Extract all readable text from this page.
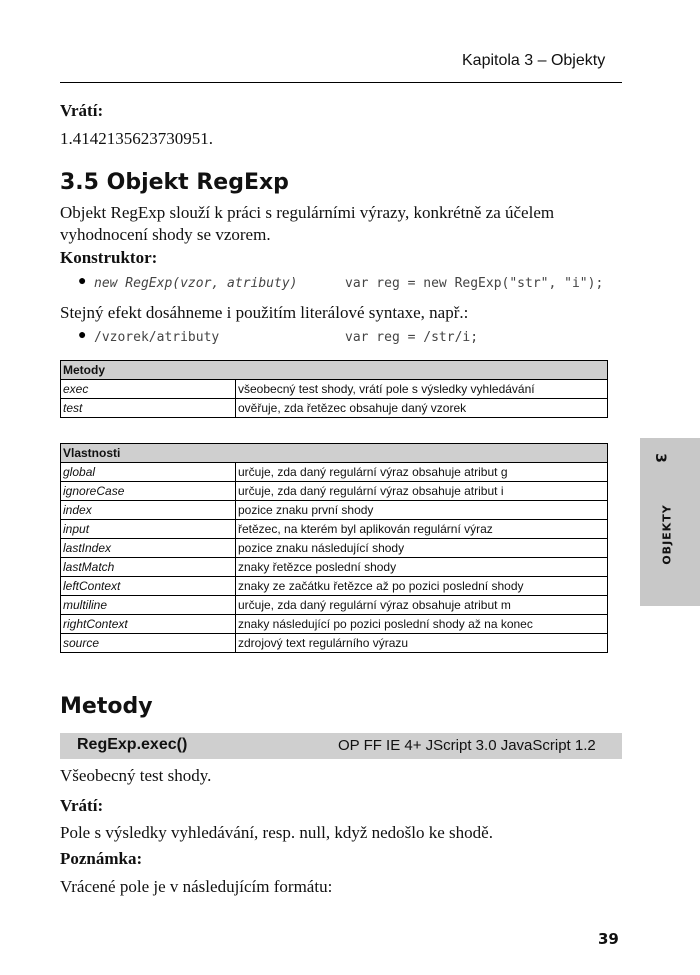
Kapitola 3 – Objekty
Vrátí:
1.4142135623730951.
3.5 Objekt RegExp
Objekt RegExp slouží k práci s regulárními výrazy, konkrétně za účelem
vyhodnocení shody se vzorem.
Konstruktor:
● new RegExp(vzor, atributy)	var reg = new RegExp("str", "i");
Stejný efekt dosáhneme i použitím literálové syntaxe, např.:
● /vzorek/atributy	var reg = /str/i;
Metody	
exec	všeobecný test shody, vrátí pole s výsledky vyhledávání
test	ověřuje, zda řetězec obsahuje daný vzorek
Vlastnosti	
global	určuje, zda daný regulární výraz obsahuje atribut g
ignoreCase	určuje, zda daný regulární výraz obsahuje atribut i
index	pozice znaku první shody
input	řetězec, na kterém byl aplikován regulární výraz
lastIndex	pozice znaku následující shody
lastMatch	znaky řetězce poslední shody
leftContext	znaky ze začátku řetězce až po pozici poslední shody
multiline	určuje, zda daný regulární výraz obsahuje atribut m
rightContext	znaky následující po pozici poslední shody až na konec
source	zdrojový text regulárního výrazu
3
OBJEKTY
Metody
RegExp.exec()	OP FF IE 4+ JScript 3.0 JavaScript 1.2
Všeobecný test shody.
Vrátí:
Pole s výsledky vyhledávání, resp. null, když nedošlo ke shodě.
Poznámka:
Vrácené pole je v následujícím formátu:
39
